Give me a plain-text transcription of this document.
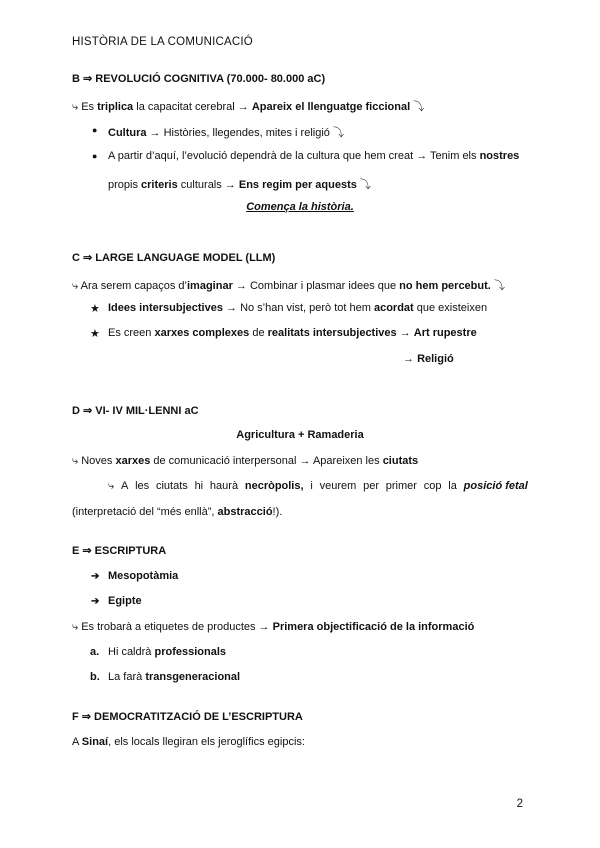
HISTÒRIA DE LA COMUNICACIÓ
B ⇒ REVOLUCIÓ COGNITIVA (70.000- 80.000 aC)
⤷ Es triplica la capacitat cerebral → Apareix el llenguatge ficcional ⤵
● Cultura → Històries, llegendes, mites i religió ⤵
● A partir d’aquí, l’evolució dependrà de la cultura que hem creat → Tenim els nostres
propis criteris culturals → Ens regim per aquests ⤵
Comença la història.
C ⇒ LARGE LANGUAGE MODEL (LLM)
⤷ Ara serem capaços d’imaginar → Combinar i plasmar idees que no hem percebut. ⤵
★ Idees intersubjectives → No s’han vist, però tot hem acordat que existeixen
★ Es creen xarxes complexes de realitats intersubjectives → Art rupestre
→ Religió
D ⇒ VI- IV MIL·LENNI aC
Agricultura + Ramaderia
⤷ Noves xarxes de comunicació interpersonal → Apareixen les ciutats
⤷ A les ciutats hi haurà necròpolis, i veurem per primer cop la posició fetal
(interpretació del “més enllà”, abstracció!).
E ⇒ ESCRIPTURA
➔ Mesopotàmia
➔ Egipte
⤷ Es trobarà a etiquetes de productes → Primera objectificació de la informació
a. Hi caldrà professionals
b. La farà transgeneracional
F ⇒ DEMOCRATITZACIÓ DE L’ESCRIPTURA
A Sinaí, els locals llegiran els jeroglífics egipcis:
2
